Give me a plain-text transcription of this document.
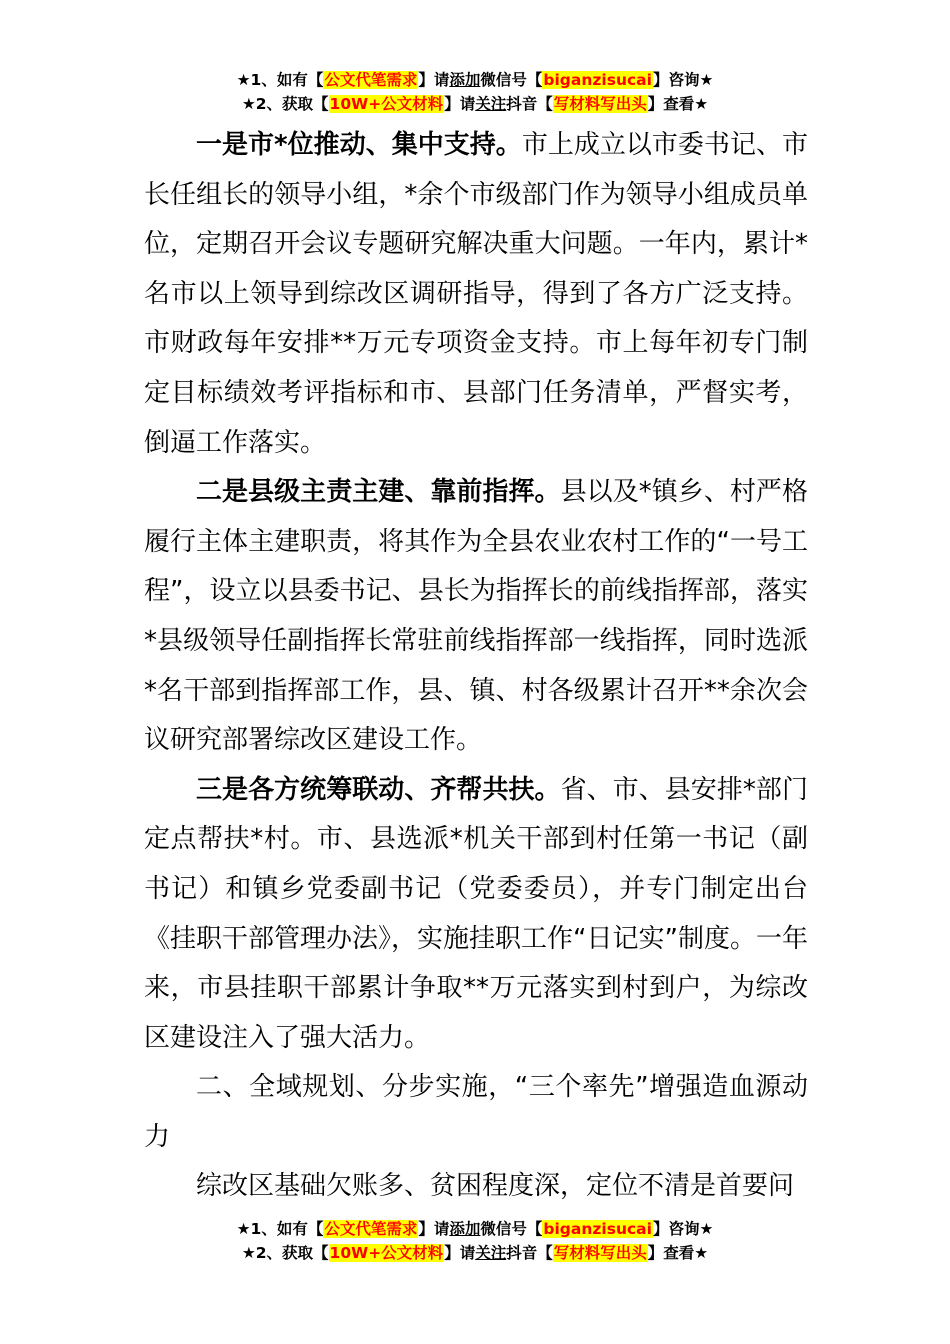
★1、如有【公文代笔需求】请添加微信号【biganzisucai】咨询★
★2、获取【10W+公文材料】请关注抖音【写材料写出头】查看★

一是市*位推动、集中支持。市上成立以市委书记、市长任组长的领导小组，*余个市级部门作为领导小组成员单位，定期召开会议专题研究解决重大问题。一年内，累计*名市以上领导到综改区调研指导，得到了各方广泛支持。市财政每年安排**万元专项资金支持。市上每年初专门制定目标绩效考评指标和市、县部门任务清单，严督实考，倒逼工作落实。

二是县级主责主建、靠前指挥。县以及*镇乡、村严格履行主体主建职责，将其作为全县农业农村工作的“一号工程”，设立以县委书记、县长为指挥长的前线指挥部，落实*县级领导任副指挥长常驻前线指挥部一线指挥，同时选派*名干部到指挥部工作，县、镇、村各级累计召开**余次会议研究部署综改区建设工作。

三是各方统筹联动、齐帮共扶。省、市、县安排*部门定点帮扶*村。市、县选派*机关干部到村任第一书记（副书记）和镇乡党委副书记（党委委员），并专门制定出台《挂职干部管理办法》，实施挂职工作“日记实”制度。一年来，市县挂职干部累计争取**万元落实到村到户，为综改区建设注入了强大活力。

二、全域规划、分步实施，“三个率先”增强造血源动力

综改区基础欠账多、贫困程度深，定位不清是首要问

★1、如有【公文代笔需求】请添加微信号【biganzisucai】咨询★
★2、获取【10W+公文材料】请关注抖音【写材料写出头】查看★
